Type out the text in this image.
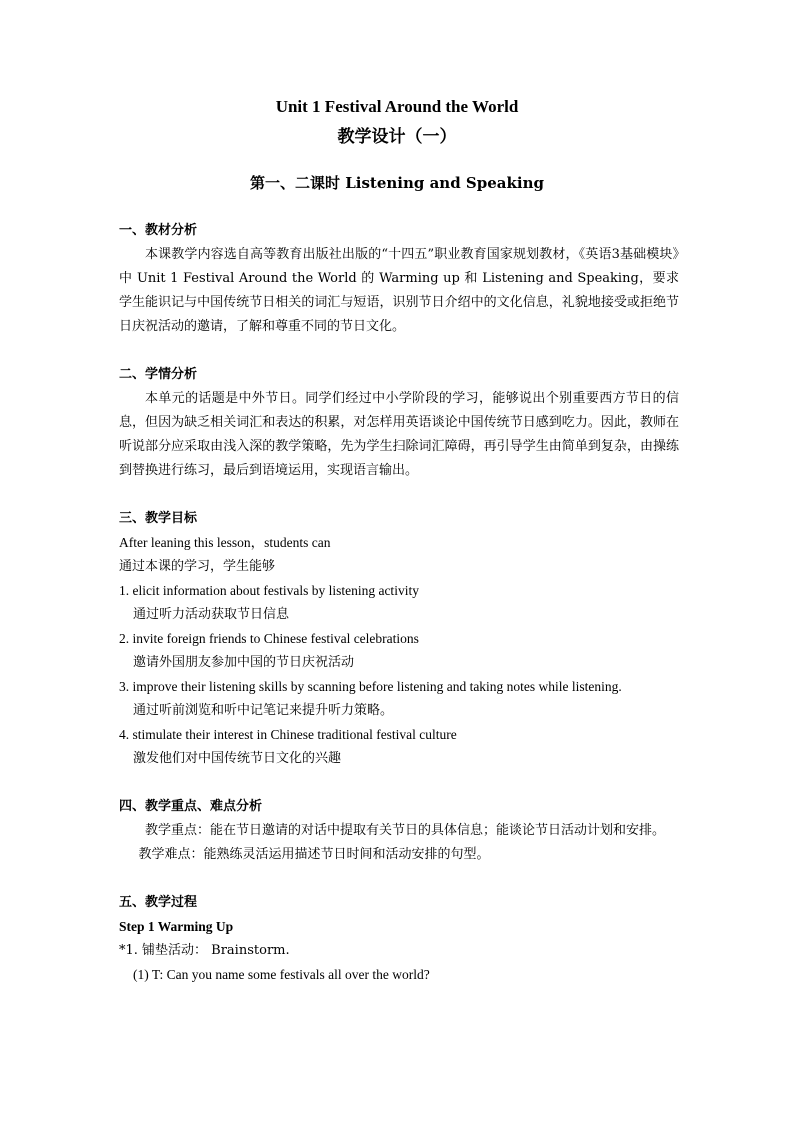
Unit 1 Festival Around the World
教学设计（一）
第一、二课时 Listening and Speaking

一、教材分析

本课教学内容选自高等教育出版社出版的“十四五”职业教育国家规划教材，《英语3基础模块》中 Unit 1 Festival Around the World 的 Warming up 和 Listening and Speaking，要求学生能识记与中国传统节日相关的词汇与短语，识别节日介绍中的文化信息，礼貌地接受或拒绝节日庆祝活动的邀请，了解和尊重不同的节日文化。

二、学情分析

本单元的话题是中外节日。同学们经过中小学阶段的学习，能够说出个别重要西方节日的信息，但因为缺乏相关词汇和表达的积累，对怎样用英语谈论中国传统节日感到吃力。因此，教师在听说部分应采取由浅入深的教学策略，先为学生扫除词汇障碍，再引导学生由简单到复杂，由操练到替换进行练习，最后到语境运用，实现语言输出。

三、教学目标

After leaning this lesson，students can

通过本课的学习，学生能够

1. elicit information about festivals by listening activity

通过听力活动获取节日信息

2. invite foreign friends to Chinese festival celebrations

邀请外国朋友参加中国的节日庆祝活动

3. improve their listening skills by scanning before listening and taking notes while listening.

通过听前浏览和听中记笔记来提升听力策略。

4. stimulate their interest in Chinese traditional festival culture

激发他们对中国传统节日文化的兴趣

四、教学重点、难点分析

教学重点：能在节日邀请的对话中提取有关节日的具体信息；能谈论节日活动计划和安排。

教学难点：能熟练灵活运用描述节日时间和活动安排的句型。

五、教学过程

Step 1 Warming Up

*1. 铺垫活动： Brainstorm.

(1) T: Can you name some festivals all over the world?
